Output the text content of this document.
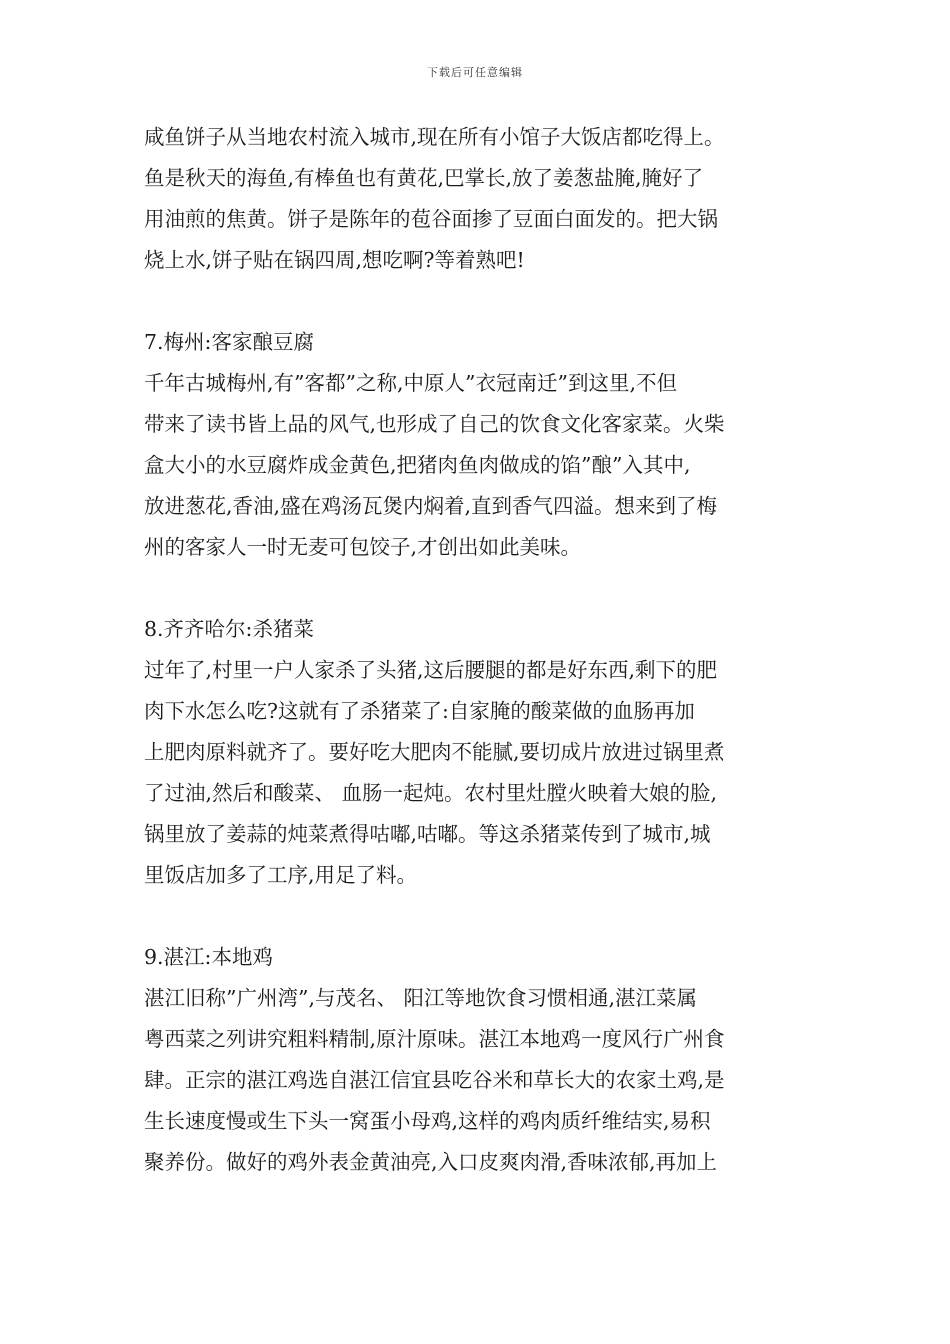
下载后可任意编辑
咸鱼饼子从当地农村流入城市,现在所有小馆子大饭店都吃得上。
鱼是秋天的海鱼,有棒鱼也有黄花,巴掌长,放了姜葱盐腌,腌好了
用油煎的焦黄。饼子是陈年的苞谷面掺了豆面白面发的。把大锅
烧上水,饼子贴在锅四周,想吃啊?等着熟吧!
7.梅州:客家酿豆腐
千年古城梅州,有”客都”之称,中原人”衣冠南迁”到这里,不但
带来了读书皆上品的风气,也形成了自己的饮食文化客家菜。火柴
盒大小的水豆腐炸成金黄色,把猪肉鱼肉做成的馅”酿”入其中,
放进葱花,香油,盛在鸡汤瓦煲内焖着,直到香气四溢。想来到了梅
州的客家人一时无麦可包饺子,才创出如此美味。
8.齐齐哈尔:杀猪菜
过年了,村里一户人家杀了头猪,这后腰腿的都是好东西,剩下的肥
肉下水怎么吃?这就有了杀猪菜了:自家腌的酸菜做的血肠再加
上肥肉原料就齐了。要好吃大肥肉不能腻,要切成片放进过锅里煮
了过油,然后和酸菜、 血肠一起炖。农村里灶膛火映着大娘的脸,
锅里放了姜蒜的炖菜煮得咕嘟,咕嘟。等这杀猪菜传到了城市,城
里饭店加多了工序,用足了料。
9.湛江:本地鸡
湛江旧称”广州湾”,与茂名、 阳江等地饮食习惯相通,湛江菜属
粤西菜之列讲究粗料精制,原汁原味。湛江本地鸡一度风行广州食
肆。正宗的湛江鸡选自湛江信宜县吃谷米和草长大的农家土鸡,是
生长速度慢或生下头一窝蛋小母鸡,这样的鸡肉质纤维结实,易积
聚养份。做好的鸡外表金黄油亮,入口皮爽肉滑,香味浓郁,再加上
